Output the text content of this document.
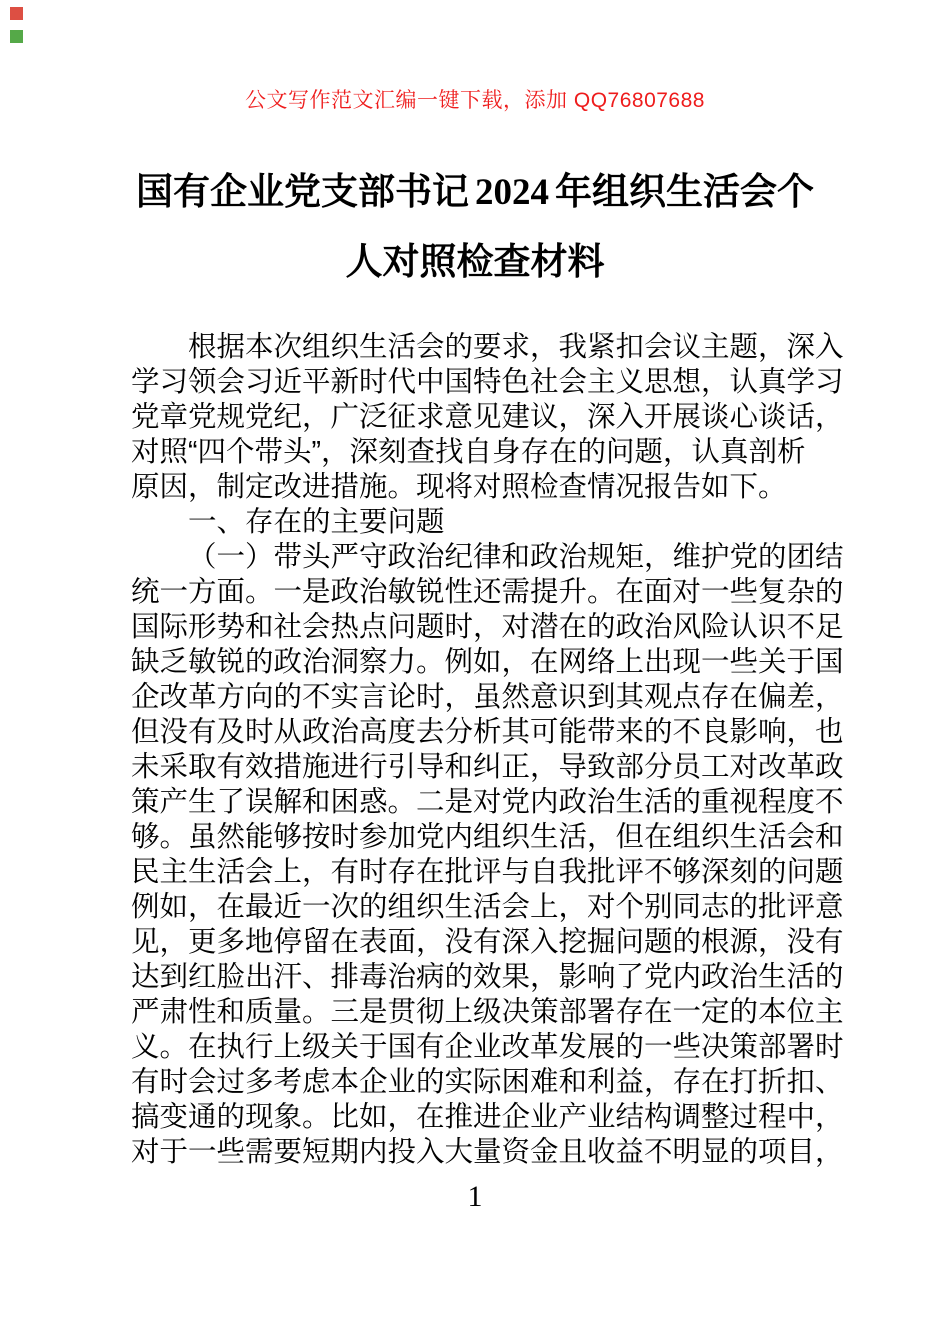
公文写作范文汇编一键下载，添加 QQ76807688
国有企业党支部书记 2024 年组织生活会个
人对照检查材料
根据本次组织生活会的要求，我紧扣会议主题，深入
学习领会习近平新时代中国特色社会主义思想，认真学习
党章党规党纪，广泛征求意见建议，深入开展谈心谈话，
对照“四个带头”，深刻查找自身存在的问题，认真剖析
原因，制定改进措施。现将对照检查情况报告如下。
一、存在的主要问题
（一）带头严守政治纪律和政治规矩，维护党的团结
统一方面。一是政治敏锐性还需提升。在面对一些复杂的
国际形势和社会热点问题时，对潜在的政治风险认识不足
缺乏敏锐的政治洞察力。例如，在网络上出现一些关于国
企改革方向的不实言论时，虽然意识到其观点存在偏差，
但没有及时从政治高度去分析其可能带来的不良影响，也
未采取有效措施进行引导和纠正，导致部分员工对改革政
策产生了误解和困惑。二是对党内政治生活的重视程度不
够。虽然能够按时参加党内组织生活，但在组织生活会和
民主生活会上，有时存在批评与自我批评不够深刻的问题
例如，在最近一次的组织生活会上，对个别同志的批评意
见，更多地停留在表面，没有深入挖掘问题的根源，没有
达到红脸出汗、排毒治病的效果，影响了党内政治生活的
严肃性和质量。三是贯彻上级决策部署存在一定的本位主
义。在执行上级关于国有企业改革发展的一些决策部署时
有时会过多考虑本企业的实际困难和利益，存在打折扣、
搞变通的现象。比如，在推进企业产业结构调整过程中，
对于一些需要短期内投入大量资金且收益不明显的项目，
1
